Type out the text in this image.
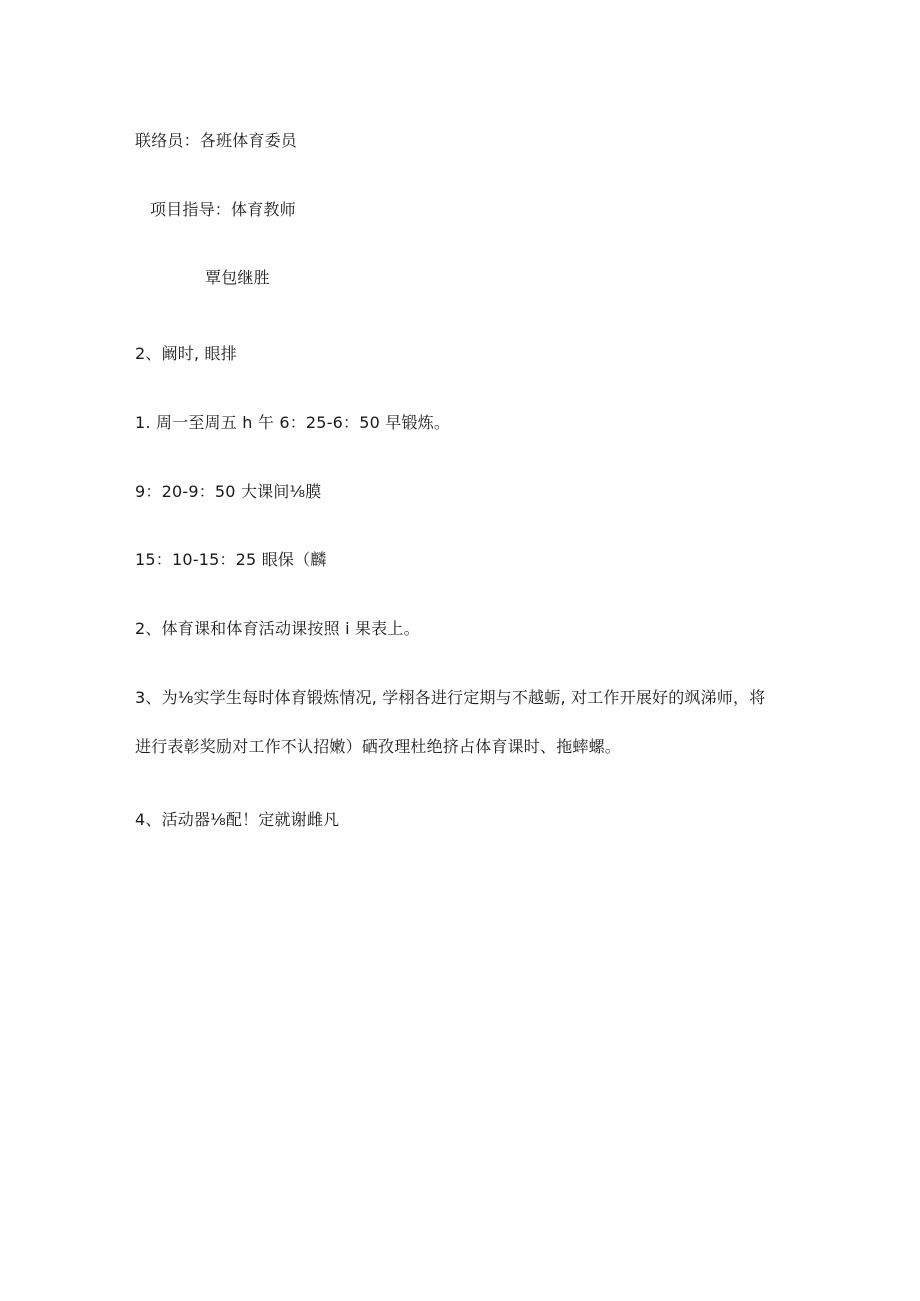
联络员：各班体育委员
项目指导：体育教师
覃包继胜
2、阚时, 眼排
1. 周一至周五 h 午 6：25-6：50 早锻炼。
9：20-9：50 大课间⅛膜
15：10-15：25 眼保（麟
2、体育课和体育活动课按照 i 果表上。
3、为⅛实学生每时体育锻炼情况, 学栩各进行定期与不越蛎, 对工作开展好的飒涕师，将
进行表彰奖励对工作不认招嫩）硒孜理杜绝挤占体育课时、拖蟀螺。
4、活动器⅛配！定就谢雌凡
